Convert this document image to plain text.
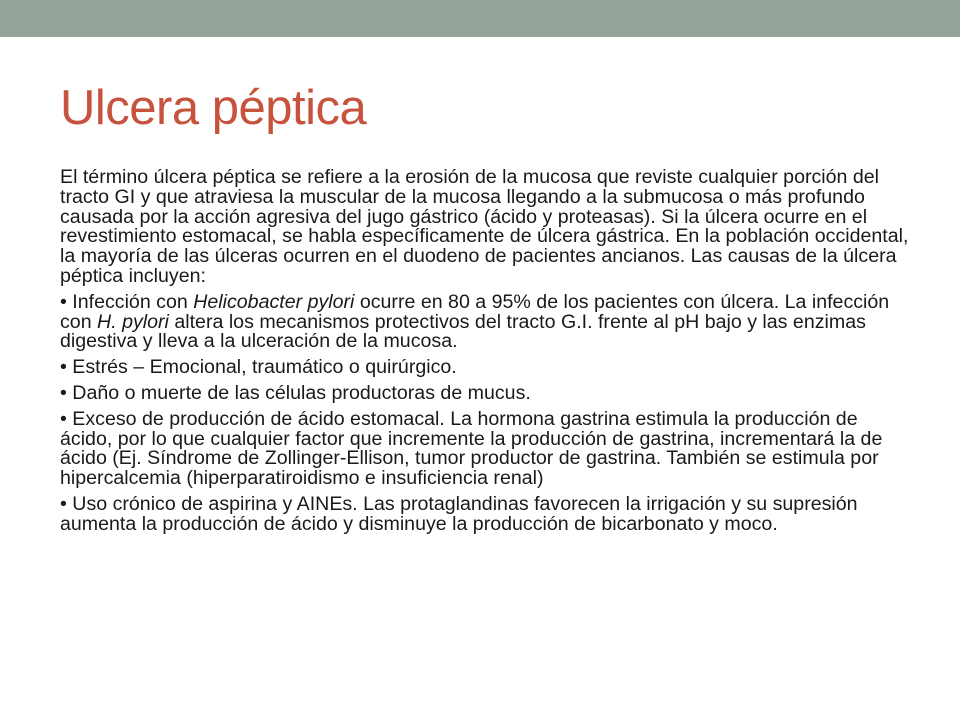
Ulcera péptica

El término úlcera péptica se refiere a la erosión de la mucosa que reviste cualquier porción del tracto GI y que atraviesa la muscular de la mucosa llegando a la submucosa o más profundo causada por la acción agresiva del jugo gástrico (ácido y proteasas). Si la úlcera ocurre en el revestimiento estomacal, se habla específicamente de úlcera gástrica. En la población occidental, la mayoría de las úlceras ocurren en el duodeno de pacientes ancianos. Las causas de la úlcera péptica incluyen:

• Infección con Helicobacter pylori ocurre en 80 a 95% de los pacientes con úlcera. La infección con H. pylori altera los mecanismos protectivos del tracto G.I. frente al pH bajo y las enzimas digestiva y lleva a la ulceración de la mucosa.

• Estrés – Emocional, traumático o quirúrgico.

• Daño o muerte de las células productoras de mucus.

• Exceso de producción de ácido estomacal. La hormona gastrina estimula la producción de ácido, por lo que cualquier factor que incremente la producción de gastrina, incrementará la de ácido (Ej. Síndrome de Zollinger-Ellison, tumor productor de gastrina. También se estimula por hipercalcemia (hiperparatiroidismo e insuficiencia renal)

• Uso crónico de aspirina y AINEs. Las protaglandinas favorecen la irrigación y su supresión aumenta la producción de ácido y disminuye la producción de bicarbonato y moco.
